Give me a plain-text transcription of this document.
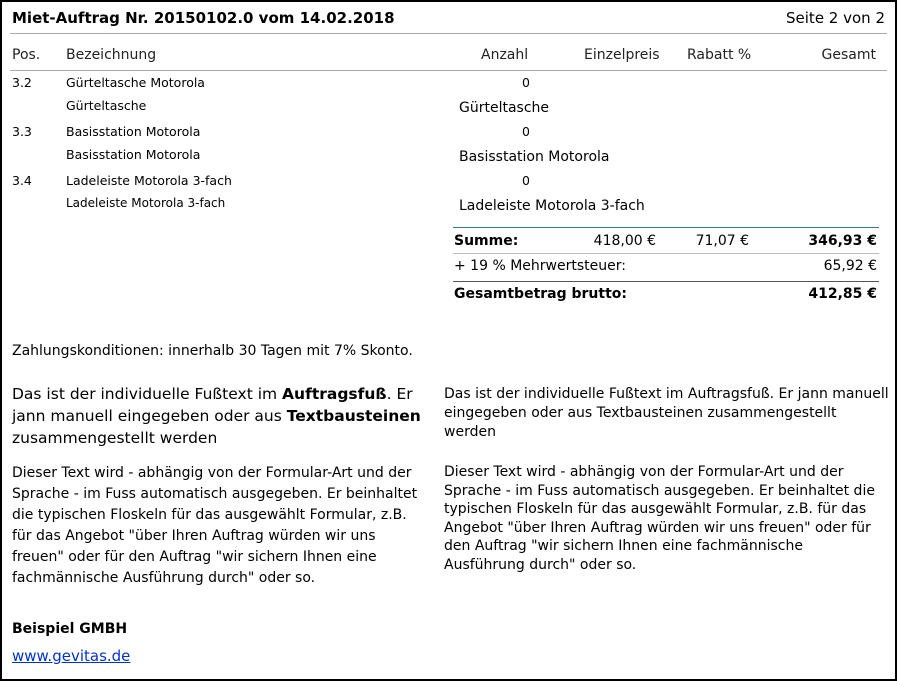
Miet-Auftrag Nr. 20150102.0 vom 14.02.2018	Seite 2 von 2
Pos. Bezeichnung	Anzahl	Einzelpreis Rabatt %	Gesamt
3.2	Gürteltasche Motorola	0
Gürteltasche	Gürteltasche
3.3	Basisstation Motorola	0
Basisstation Motorola	Basisstation Motorola
3.4	Ladeleiste Motorola 3-fach	0
Ladeleiste Motorola 3-fach	Ladeleiste Motorola 3-fach
Summe:	418,00 €	71,07 €	346,93 €
+ 19 % Mehrwertsteuer:	65,92 €
Gesamtbetrag brutto:	412,85 €
Zahlungskonditionen: innerhalb 30 Tagen mit 7% Skonto.
Das ist der individuelle Fußtext im Auftragsfuß. Er jann manuell eingegeben oder aus Textbausteinen zusammengestellt werden
Das ist der individuelle Fußtext im Auftragsfuß. Er jann manuell eingegeben oder aus Textbausteinen zusammengestellt werden
Dieser Text wird - abhängig von der Formular-Art und der Sprache - im Fuss automatisch ausgegeben. Er beinhaltet die typischen Floskeln für das ausgewählt Formular, z.B. für das Angebot "über Ihren Auftrag würden wir uns freuen" oder für den Auftrag "wir sichern Ihnen eine fachmännische Ausführung durch" oder so.
Dieser Text wird - abhängig von der Formular-Art und der Sprache - im Fuss automatisch ausgegeben. Er beinhaltet die typischen Floskeln für das ausgewählt Formular, z.B. für das Angebot "über Ihren Auftrag würden wir uns freuen" oder für den Auftrag "wir sichern Ihnen eine fachmännische Ausführung durch" oder so.
Beispiel GMBH
www.gevitas.de
